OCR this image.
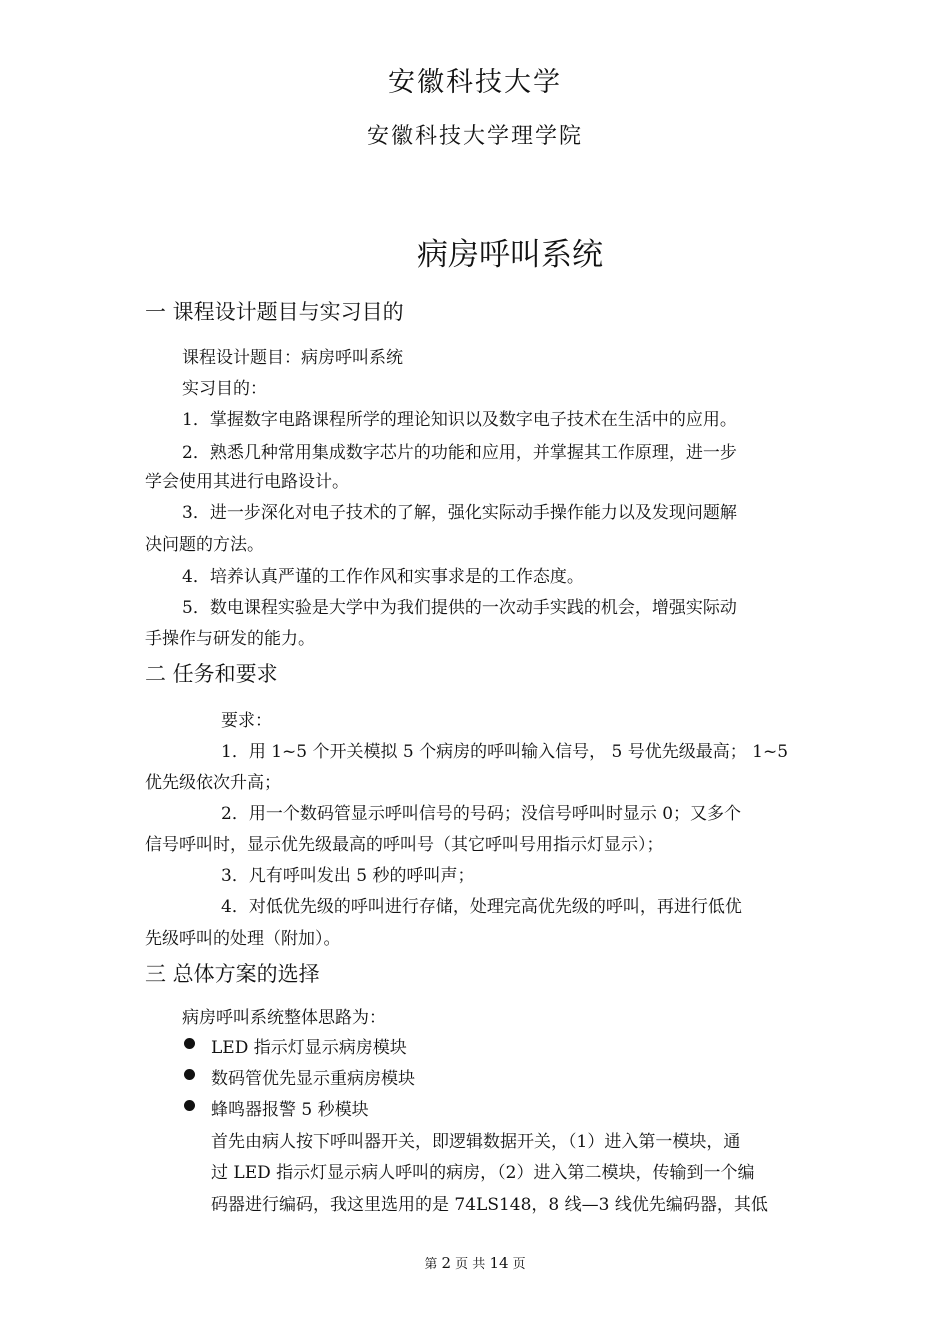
安徽科技大学
安徽科技大学理学院
病房呼叫系统
一 课程设计题目与实习目的
课程设计题目：病房呼叫系统
实习目的：
1．掌握数字电路课程所学的理论知识以及数字电子技术在生活中的应用。
2．熟悉几种常用集成数字芯片的功能和应用，并掌握其工作原理，进一步
学会使用其进行电路设计。
3．进一步深化对电子技术的了解，强化实际动手操作能力以及发现问题解
决问题的方法。
4．培养认真严谨的工作作风和实事求是的工作态度。
5．数电课程实验是大学中为我们提供的一次动手实践的机会，增强实际动
手操作与研发的能力。
二 任务和要求
要求：
1．用 1~5 个开关模拟 5 个病房的呼叫输入信号， 5 号优先级最高； 1~5
优先级依次升高；
2．用一个数码管显示呼叫信号的号码；没信号呼叫时显示 0；又多个
信号呼叫时，显示优先级最高的呼叫号（其它呼叫号用指示灯显示）；
3．凡有呼叫发出 5 秒的呼叫声；
4．对低优先级的呼叫进行存储，处理完高优先级的呼叫，再进行低优
先级呼叫的处理（附加）。
三 总体方案的选择
病房呼叫系统整体思路为：
LED 指示灯显示病房模块
数码管优先显示重病房模块
蜂鸣器报警 5 秒模块
首先由病人按下呼叫器开关，即逻辑数据开关，（1）进入第一模块，通
过 LED 指示灯显示病人呼叫的病房，（2）进入第二模块，传输到一个编
码器进行编码，我这里选用的是 74LS148，8 线—3 线优先编码器，其低
第 2 页 共 14 页
